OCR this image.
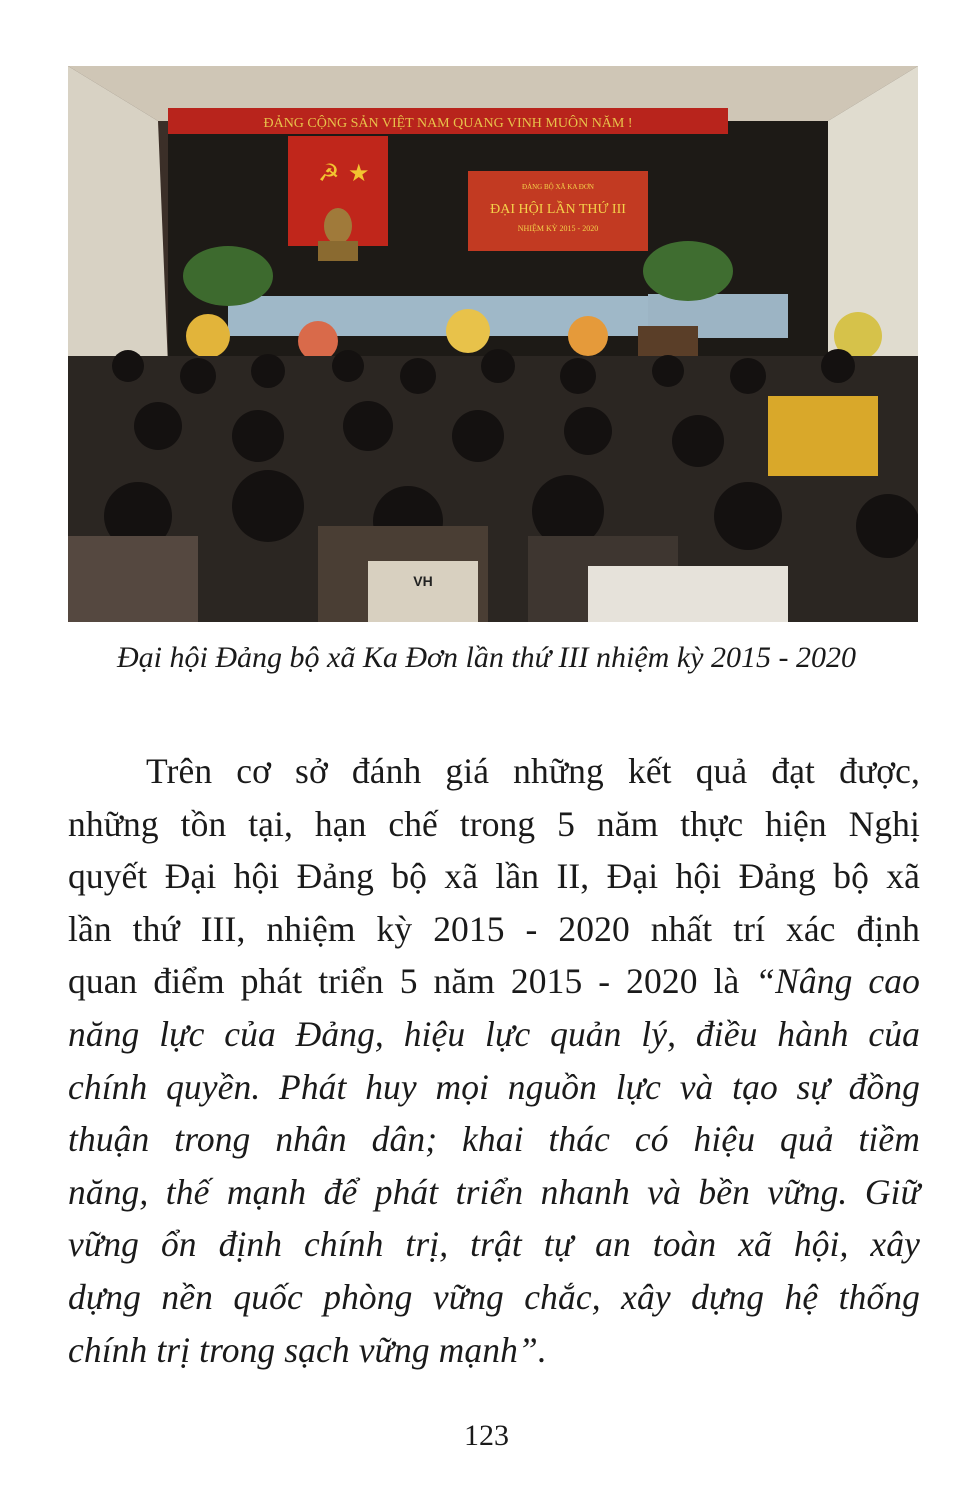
ĐẢNG CỘNG SẢN VIỆT NAM QUANG VINH MUÔN NĂM !
☭ ★	ĐẢNG BỘ XÃ KA ĐƠN
ĐẠI HỘI LẦN THỨ III
NHIỆM KỲ 2015 - 2020
VH
Đại hội Đảng bộ xã Ka Đơn lần thứ III nhiệm kỳ 2015 - 2020
Trên cơ sở đánh giá những kết quả đạt được,
những tồn tại, hạn chế trong 5 năm thực hiện Nghị
quyết Đại hội Đảng bộ xã lần II, Đại hội Đảng bộ xã
lần thứ III, nhiệm kỳ 2015 - 2020 nhất trí xác định
quan điểm phát triển 5 năm 2015 - 2020 là “Nâng cao
năng lực của Đảng, hiệu lực quản lý, điều hành của
chính quyền. Phát huy mọi nguồn lực và tạo sự đồng
thuận trong nhân dân; khai thác có hiệu quả tiềm
năng, thế mạnh để phát triển nhanh và bền vững. Giữ
vững ổn định chính trị, trật tự an toàn xã hội, xây
dựng nền quốc phòng vững chắc, xây dựng hệ thống
chính trị trong sạch vững mạnh”.
123
